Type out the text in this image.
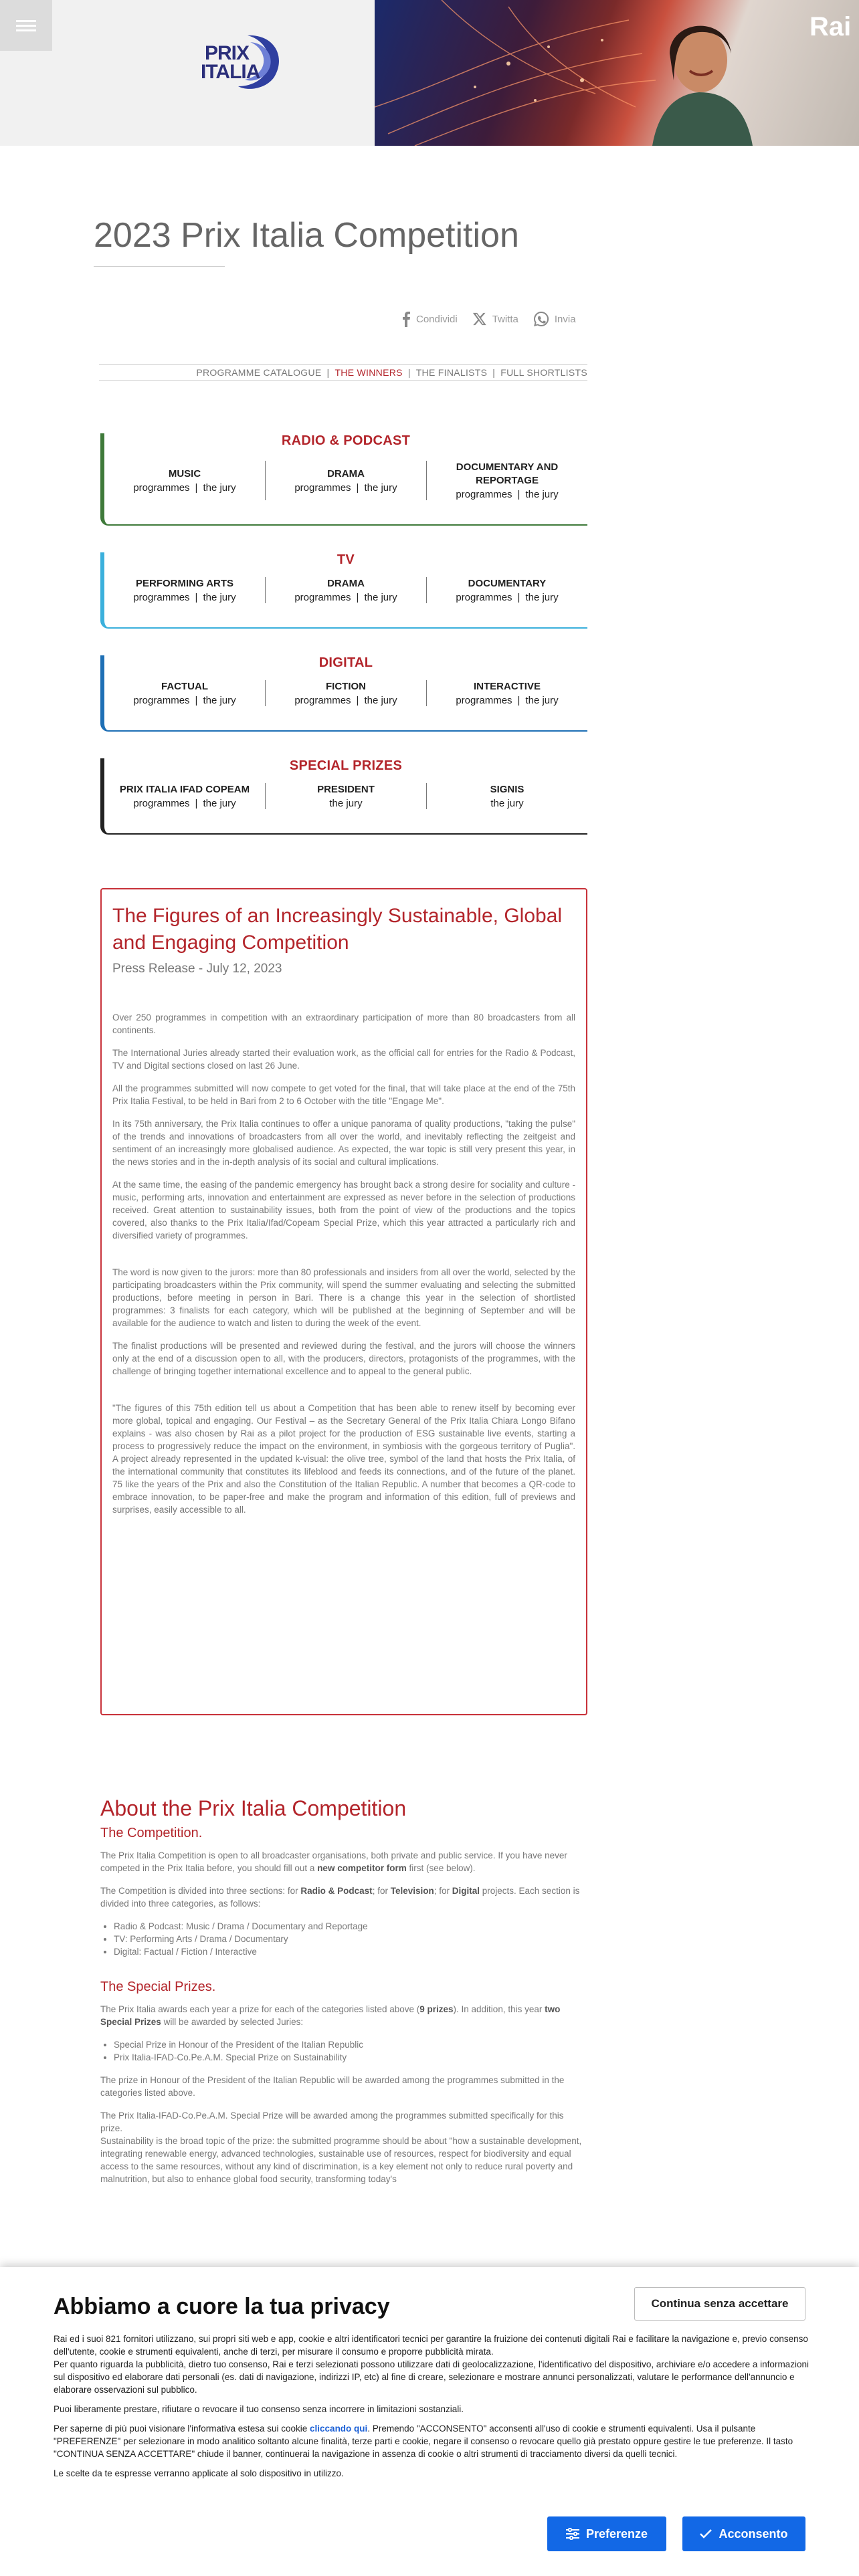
PRIX
ITALIA
Rai
2023 Prix Italia Competition
Condividi	Twitta	Invia
PROGRAMME CATALOGUE | THE WINNERS | THE FINALISTS | FULL SHORTLISTS
RADIO & PODCAST
MUSIC
programmes | the jury
DRAMA
programmes | the jury
DOCUMENTARY AND REPORTAGE
programmes | the jury
TV
PERFORMING ARTS
programmes | the jury
DRAMA
programmes | the jury
DOCUMENTARY
programmes | the jury
DIGITAL
FACTUAL
programmes | the jury
FICTION
programmes | the jury
INTERACTIVE
programmes | the jury
SPECIAL PRIZES
PRIX ITALIA IFAD COPEAM
programmes | the jury
PRESIDENT
the jury
SIGNIS
the jury
The Figures of an Increasingly Sustainable, Global and Engaging Competition
Press Release - July 12, 2023

Over 250 programmes in competition with an extraordinary participation of more than 80 broadcasters from all continents.

The International Juries already started their evaluation work, as the official call for entries for the Radio & Podcast, TV and Digital sections closed on last 26 June.

All the programmes submitted will now compete to get voted for the final, that will take place at the end of the 75th Prix Italia Festival, to be held in Bari from 2 to 6 October with the title "Engage Me".

In its 75th anniversary, the Prix Italia continues to offer a unique panorama of quality productions, "taking the pulse" of the trends and innovations of broadcasters from all over the world, and inevitably reflecting the zeitgeist and sentiment of an increasingly more globalised audience. As expected, the war topic is still very present this year, in the news stories and in the in-depth analysis of its social and cultural implications.

At the same time, the easing of the pandemic emergency has brought back a strong desire for sociality and culture - music, performing arts, innovation and entertainment are expressed as never before in the selection of productions received. Great attention to sustainability issues, both from the point of view of the productions and the topics covered, also thanks to the Prix Italia/Ifad/Copeam Special Prize, which this year attracted a particularly rich and diversified variety of programmes.

The word is now given to the jurors: more than 80 professionals and insiders from all over the world, selected by the participating broadcasters within the Prix community, will spend the summer evaluating and selecting the submitted productions, before meeting in person in Bari. There is a change this year in the selection of shortlisted programmes: 3 finalists for each category, which will be published at the beginning of September and will be available for the audience to watch and listen to during the week of the event.

The finalist productions will be presented and reviewed during the festival, and the jurors will choose the winners only at the end of a discussion open to all, with the producers, directors, protagonists of the programmes, with the challenge of bringing together international excellence and to appeal to the general public.

"The figures of this 75th edition tell us about a Competition that has been able to renew itself by becoming ever more global, topical and engaging. Our Festival – as the Secretary General of the Prix Italia Chiara Longo Bifano explains - was also chosen by Rai as a pilot project for the production of ESG sustainable live events, starting a process to progressively reduce the impact on the environment, in symbiosis with the gorgeous territory of Puglia". A project already represented in the updated k-visual: the olive tree, symbol of the land that hosts the Prix Italia, of the international community that constitutes its lifeblood and feeds its connections, and of the future of the planet. 75 like the years of the Prix and also the Constitution of the Italian Republic. A number that becomes a QR-code to embrace innovation, to be paper-free and make the program and information of this edition, full of previews and surprises, easily accessible to all.

About the Prix Italia Competition
The Competition.

The Prix Italia Competition is open to all broadcaster organisations, both private and public service. If you have never competed in the Prix Italia before, you should fill out a new competitor form first (see below).

The Competition is divided into three sections: for Radio & Podcast; for Television; for Digital projects. Each section is divided into three categories, as follows:

• Radio & Podcast: Music / Drama / Documentary and Reportage
• TV: Performing Arts / Drama / Documentary
• Digital: Factual / Fiction / Interactive
The Special Prizes.

The Prix Italia awards each year a prize for each of the categories listed above (9 prizes). In addition, this year two Special Prizes will be awarded by selected Juries:

• Special Prize in Honour of the President of the Italian Republic
• Prix Italia-IFAD-Co.Pe.A.M. Special Prize on Sustainability

The prize in Honour of the President of the Italian Republic will be awarded among the programmes submitted in the categories listed above.

The Prix Italia-IFAD-Co.Pe.A.M. Special Prize will be awarded among the programmes submitted specifically for this prize.

Sustainability is the broad topic of the prize: the submitted programme should be about "how a sustainable development, integrating renewable energy, advanced technologies, sustainable use of resources, respect for biodiversity and equal access to the same resources, without any kind of discrimination, is a key element not only to reduce rural poverty and malnutrition, but also to enhance global food security, transforming today's

Abbiamo a cuore la tua privacy	Continua senza accettare

Rai ed i suoi 821 fornitori utilizzano, sui propri siti web e app, cookie e altri identificatori tecnici per garantire la fruizione dei contenuti digitali Rai e facilitare la navigazione e, previo consenso dell'utente, cookie e strumenti equivalenti, anche di terzi, per misurare il consumo e proporre pubblicità mirata.

Per quanto riguarda la pubblicità, dietro tuo consenso, Rai e terzi selezionati possono utilizzare dati di geolocalizzazione, l'identificativo del dispositivo, archiviare e/o accedere a informazioni sul dispositivo ed elaborare dati personali (es. dati di navigazione, indirizzi IP, etc) al fine di creare, selezionare e mostrare annunci personalizzati, valutare le performance dell'annuncio e elaborare osservazioni sul pubblico.

Puoi liberamente prestare, rifiutare o revocare il tuo consenso senza incorrere in limitazioni sostanziali.

Per saperne di più puoi visionare l'informativa estesa sui cookie cliccando qui. Premendo "ACCONSENTO" acconsenti all'uso di cookie e strumenti equivalenti. Usa il pulsante "PREFERENZE" per selezionare in modo analitico soltanto alcune finalità, terze parti e cookie, negare il consenso o revocare quello già prestato oppure gestire le tue preferenze. Il tasto "CONTINUA SENZA ACCETTARE" chiude il banner, continuerai la navigazione in assenza di cookie o altri strumenti di tracciamento diversi da quelli tecnici.

Le scelte da te espresse verranno applicate al solo dispositivo in utilizzo.

Preferenze	Acconsento
